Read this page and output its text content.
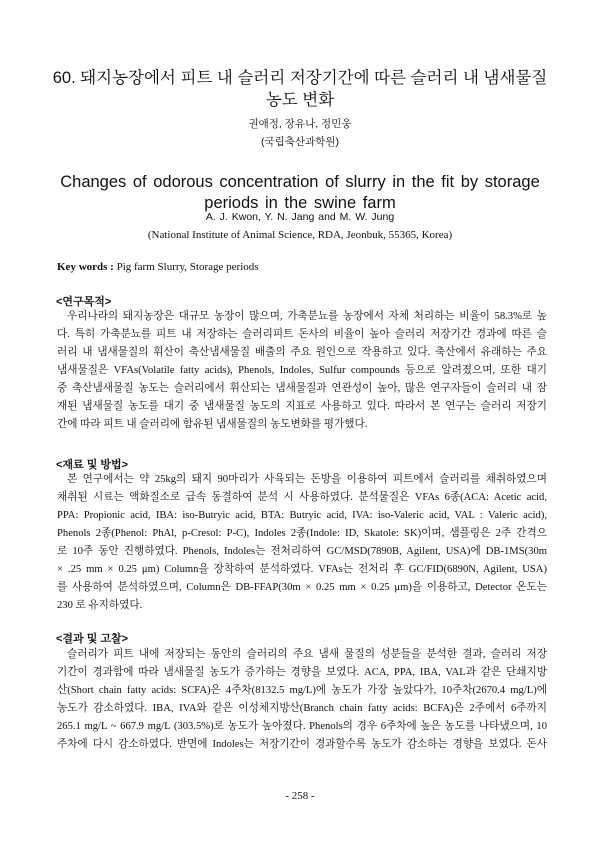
60. 돼지농장에서 피트 내 슬러리 저장기간에 따른 슬러리 내 냄새물질
농도 변화
권애정, 장유나, 정민웅
(국립축산과학원)
Changes of odorous concentration of slurry in the fit by storage
periods in the swine farm
A. J. Kwon, Y. N. Jang and M. W. Jung
(National Institute of Animal Science, RDA, Jeonbuk, 55365, Korea)
Key words : Pig farm Slurry, Storage periods
<연구목적>
우리나라의 돼지농장은 대규모 농장이 많으며, 가축분뇨를 농장에서 자체 처리하는 비율이 58.3%로 높
다. 특히 가축분뇨를 피트 내 저장하는 슬러리피트 돈사의 비율이 높아 슬러리 저장기간 경과에 따른 슬
러리 내 냄새물질의 휘산이 축산냄새물질 배출의 주요 원인으로 작용하고 있다. 축산에서 유래하는 주요
냄새물질은 VFAs(Volatile fatty acids), Phenols, Indoles, Sulfur compounds 등으로 알려졌으며, 또한 대기
중 축산냄새물질 농도는 슬러리에서 휘산되는 냄새물질과 연관성이 높아, 많은 연구자들이 슬러리 내 잠
재된 냄새물질 농도를 대기 중 냄새물질 농도의 지표로 사용하고 있다. 따라서 본 연구는 슬러리 저장기
간에 따라 피트 내 슬러리에 함유된 냄새물질의 농도변화를 평가했다.
<재료 및 방법>
본 연구에서는 약 25kg의 돼지 90마리가 사육되는 돈방을 이용하여 피트에서 슬러리를 채취하였으며
채취된 시료는 액화질소로 급속 동결하여 분석 시 사용하였다. 분석물질은 VFAs 6종(ACA: Acetic acid,
PPA: Propionic acid, IBA: iso-Butryic acid, BTA: Butryic acid, IVA: iso-Valeric acid, VAL : Valeric acid),
Phenols 2종(Phenol: PhAl, p-Cresol: P-C), Indoles 2종(Indole: ID, Skatole: SK)이며, 샘플링은 2주 간격으
로 10주 동안 진행하였다. Phenols, Indoles는 전처리하여 GC/MSD(7890B, Agilent, USA)에 DB-1MS(30m
× .25 mm × 0.25 μm) Column을 장착하여 분석하였다. VFAs는 전처리 후 GC/FID(6890N, Agilent, USA)
를 사용하여 분석하였으며, Column은 DB-FFAP(30m × 0.25 mm × 0.25 μm)을 이용하고, Detector 온도는
230 로 유지하였다.
<결과 및 고찰>
슬러리가 피트 내에 저장되는 동안의 슬러리의 주요 냄새 물질의 성분들을 분석한 결과, 슬러리 저장
기간이 경과함에 따라 냄새물질 농도가 증가하는 경향을 보였다. ACA, PPA, IBA, VAL과 같은 단쇄지방
산(Short chain fatty acids: SCFA)은 4주차(8132.5 mg/L)에 농도가 가장 높았다가, 10주차(2670.4 mg/L)에
농도가 감소하였다. IBA, IVA와 같은 이성체지방산(Branch chain fatty acids: BCFA)은 2주에서 6주까지
265.1 mg/L ~ 667.9 mg/L (303.5%)로 농도가 높아졌다. Phenols의 경우 6주차에 높은 농도를 나타냈으며, 10
주차에 다시 감소하였다. 반면에 Indoles는 저장기간이 경과할수록 농도가 감소하는 경향을 보였다. 돈사
- 258 -
